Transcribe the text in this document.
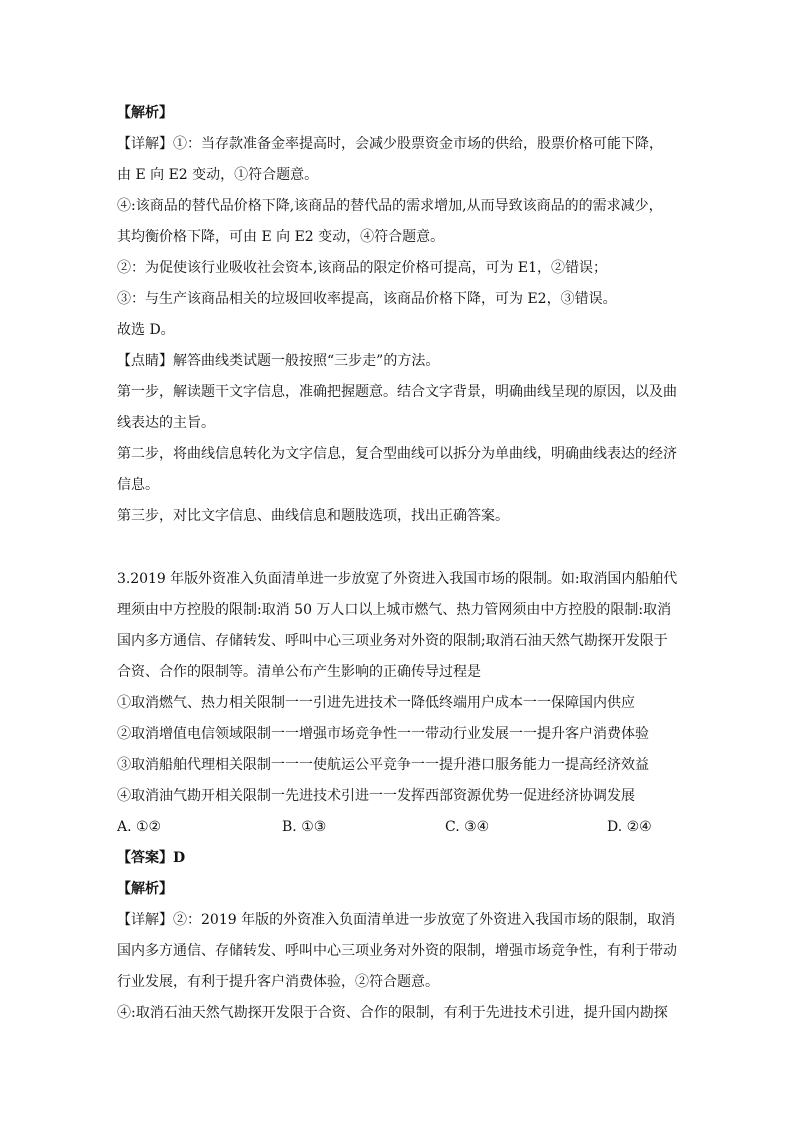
【解析】
【详解】①：当存款准备金率提高时，会减少股票资金市场的供给，股票价格可能下降，
由 E 向 E2 变动，①符合题意。
④:该商品的替代品价格下降,该商品的替代品的需求增加,从而导致该商品的的需求减少，
其均衡价格下降，可由 E 向 E2 变动，④符合题意。
②：为促使该行业吸收社会资本,该商品的限定价格可提高，可为 E1，②错误；
③：与生产该商品相关的垃圾回收率提高，该商品价格下降，可为 E2，③错误。
故选 D。
【点睛】解答曲线类试题一般按照“三步走”的方法。
第一步，解读题干文字信息，准确把握题意。结合文字背景，明确曲线呈现的原因，以及曲
线表达的主旨。
第二步，将曲线信息转化为文字信息，复合型曲线可以拆分为单曲线，明确曲线表达的经济
信息。
第三步，对比文字信息、曲线信息和题肢选项，找出正确答案。
3.2019 年版外资准入负面清单进一步放宽了外资进入我国市场的限制。如:取消国内船舶代
理须由中方控股的限制:取消 50 万人口以上城市燃气、热力管网须由中方控股的限制:取消
国内多方通信、存储转发、呼叫中心三项业务对外资的限制;取消石油天然气勘探开发限于
合资、合作的限制等。清单公布产生影响的正确传导过程是
①取消燃气、热力相关限制一一引进先进技术一降低终端用户成本一一保障国内供应
②取消增值电信领域限制一一增强市场竞争性一一带动行业发展一一提升客户消费体验
③取消船舶代理相关限制一一一使航运公平竞争一一提升港口服务能力一提高经济效益
④取消油气勘开相关限制一先进技术引进一一发挥西部资源优势一促进经济协调发展
A. ①②	B. ①③	C. ③④	D. ②④
【答案】D
【解析】
【详解】②：2019 年版的外资准入负面清单进一步放宽了外资进入我国市场的限制，取消
国内多方通信、存储转发、呼叫中心三项业务对外资的限制，增强市场竞争性，有利于带动
行业发展，有利于提升客户消费体验，②符合题意。
④:取消石油天然气勘探开发限于合资、合作的限制，有利于先进技术引进，提升国内勘探
